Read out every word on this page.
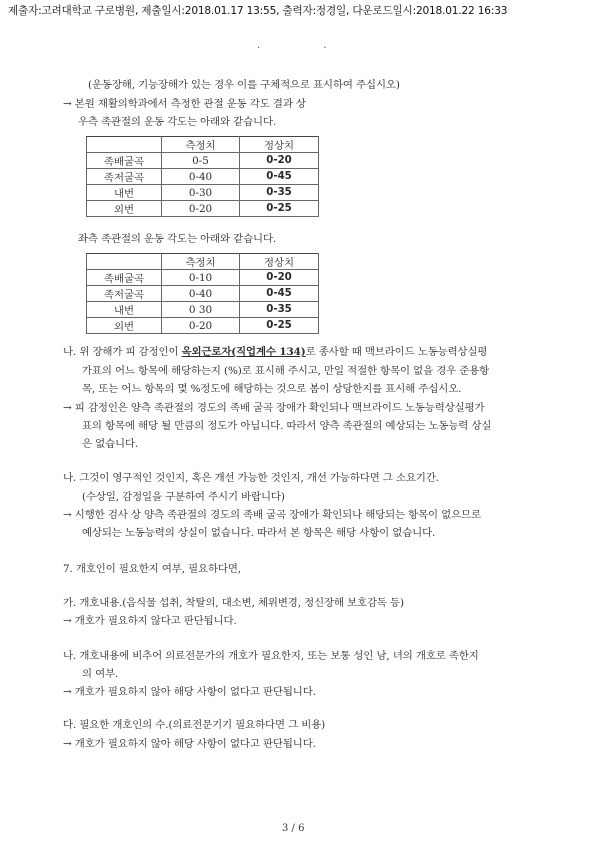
제출자:고려대학교 구로병원, 제출일시:2018.01.17 13:55, 출력자:정경일, 다운로드일시:2018.01.22 16:33
. .
(운동장해, 기능장해가 있는 경우 이를 구체적으로 표시하여 주십시오)
→ 본원 재활의학과에서 측정한 관절 운동 각도 결과 상
우측 족관절의 운동 각도는 아래와 같습니다.
	측정치	정상치
족배굴곡	0-5	0-20
족저굴곡	0-40	0-45
내번	0-30	0-35
외번	0-20	0-25
좌측 족관절의 운동 각도는 아래와 같습니다.
	측정치	정상치
족배굴곡	0-10	0-20
족저굴곡	0-40	0-45
내번	0 30	0-35
외번	0-20	0-25
나. 위 장해가 피 감정인이 옥외근로자(직업계수 134)로 종사할 때 맥브라이드 노동능력상실평
가표의 어느 항목에 해당하는지 (%)로 표시해 주시고, 만일 적절한 항목이 없을 경우 준용항
목, 또는 어느 항목의 몇 %정도에 해당하는 것으로 봄이 상당한지를 표시해 주십시오.
→ 피 감정인은 양측 족관절의 경도의 족배 굴곡 장애가 확인되나 맥브라이드 노동능력상실평가
표의 항목에 해당 될 만큼의 정도가 아닙니다. 따라서 양측 족관절의 예상되는 노동능력 상실
은 없습니다.
나. 그것이 영구적인 것인지, 혹은 개선 가능한 것인지, 개선 가능하다면 그 소요기간.
(수상일, 감정일을 구분하여 주시기 바랍니다)
→ 시행한 검사 상 양측 족관절의 경도의 족배 굴곡 장애가 확인되나 해당되는 항목이 없으므로
예상되는 노동능력의 상실이 없습니다. 따라서 본 항목은 해당 사항이 없습니다.
7. 개호인이 필요한지 여부, 필요하다면,
가. 개호내용.(음식물 섭취, 착탈의, 대소변, 체위변경, 정신장해 보호감독 등)
→ 개호가 필요하지 않다고 판단됩니다.
나. 개호내용에 비추어 의료전문가의 개호가 필요한지, 또는 보통 성인 남, 녀의 개호로 족한지
의 여부.
→ 개호가 필요하지 않아 해당 사항이 없다고 판단됩니다.
다. 필요한 개호인의 수.(의료전문기기 필요하다면 그 비용)
→ 개호가 필요하지 않아 해당 사항이 없다고 판단됩니다.
3 / 6
